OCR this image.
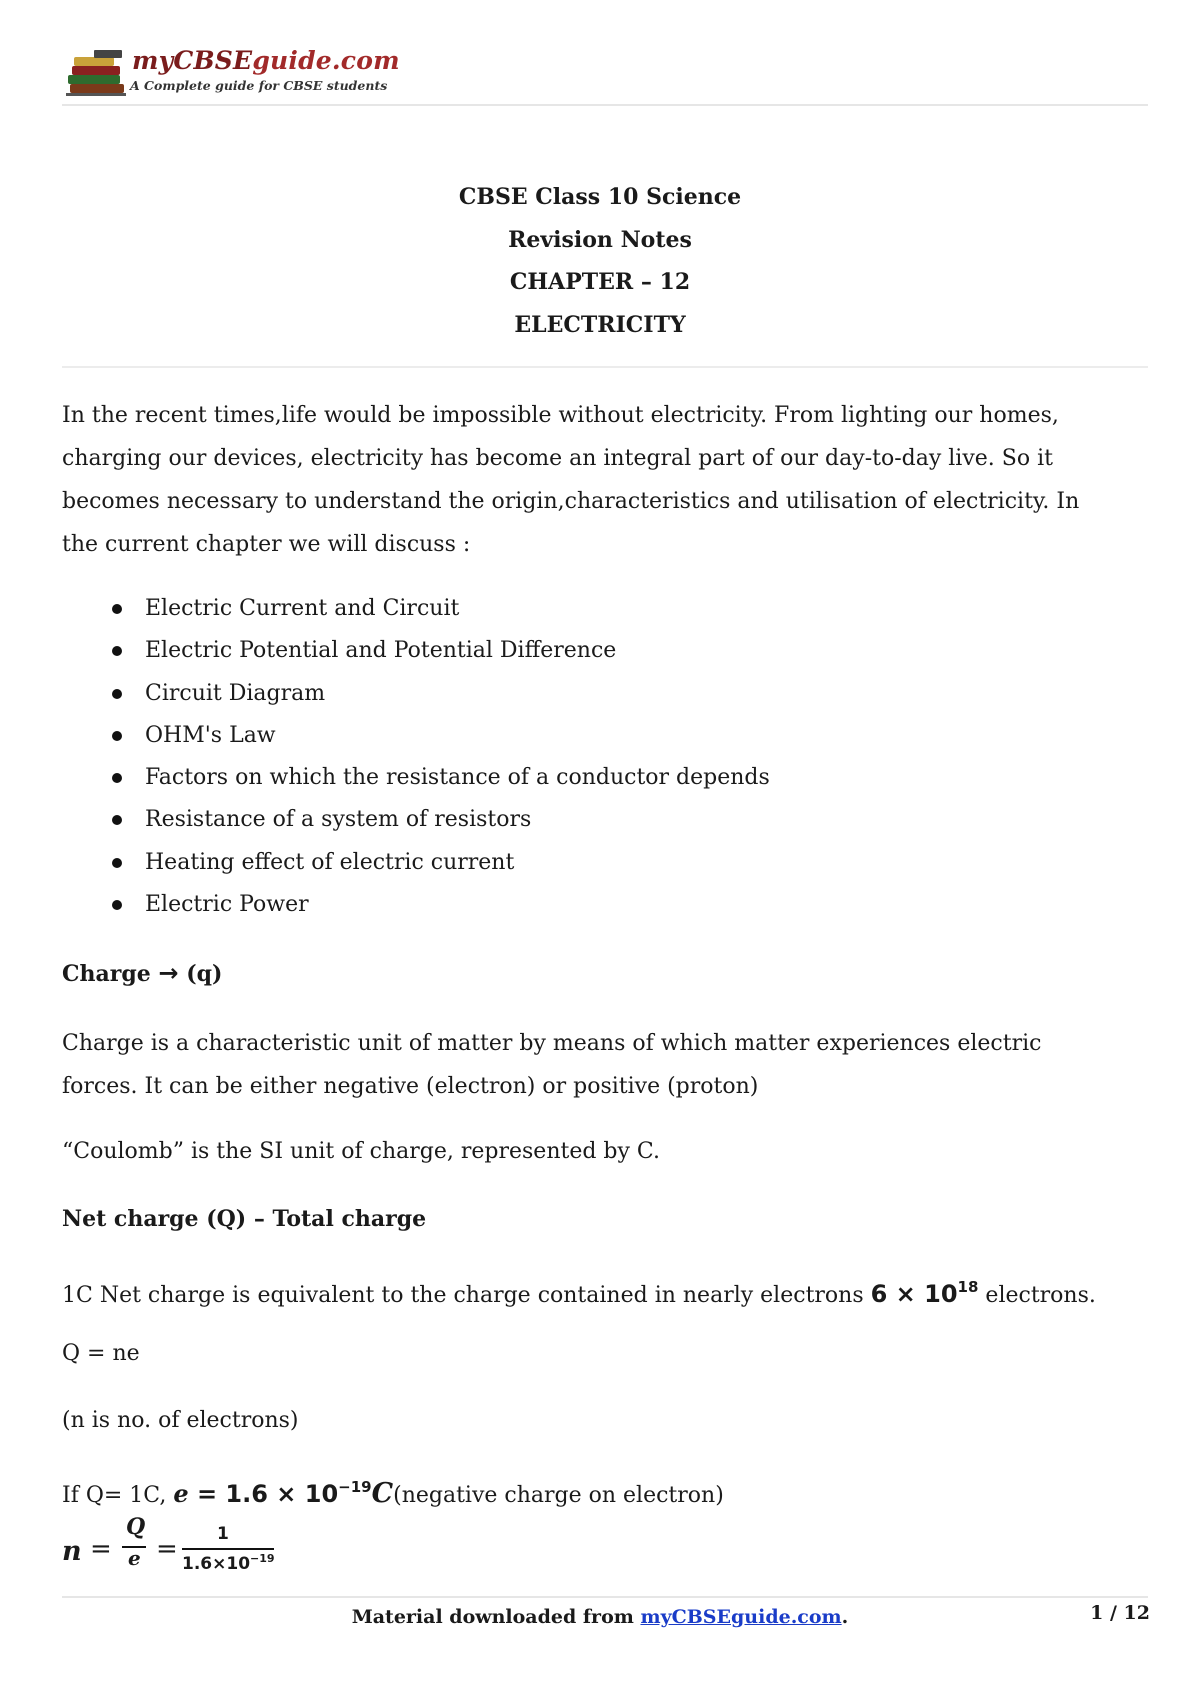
myCBSEguide.com
A Complete guide for CBSE students
CBSE Class 10 Science
Revision Notes
CHAPTER – 12
ELECTRICITY
In the recent times,life would be impossible without electricity. From lighting our homes,
charging our devices, electricity has become an integral part of our day-to-day live. So it
becomes necessary to understand the origin,characteristics and utilisation of electricity. In
the current chapter we will discuss :
Electric Current and Circuit
Electric Potential and Potential Difference
Circuit Diagram
OHM's Law
Factors on which the resistance of a conductor depends
Resistance of a system of resistors
Heating effect of electric current
Electric Power
Charge → (q)
Charge is a characteristic unit of matter by means of which matter experiences electric
forces. It can be either negative (electron) or positive (proton)
“Coulomb” is the SI unit of charge, represented by C.
Net charge (Q) – Total charge
1C Net charge is equivalent to the charge contained in nearly electrons $6 \times 10^{18}$ electrons.
Q = ne
(n is no. of electrons)
If Q= 1C, $e = 1.6 \times 10^{-19}C(negative$ charge on electron)
n =
Q
e = 1
$1.6\times 10^{-19}$
Material downloaded from myCBSEguide.com.	1 / 12
